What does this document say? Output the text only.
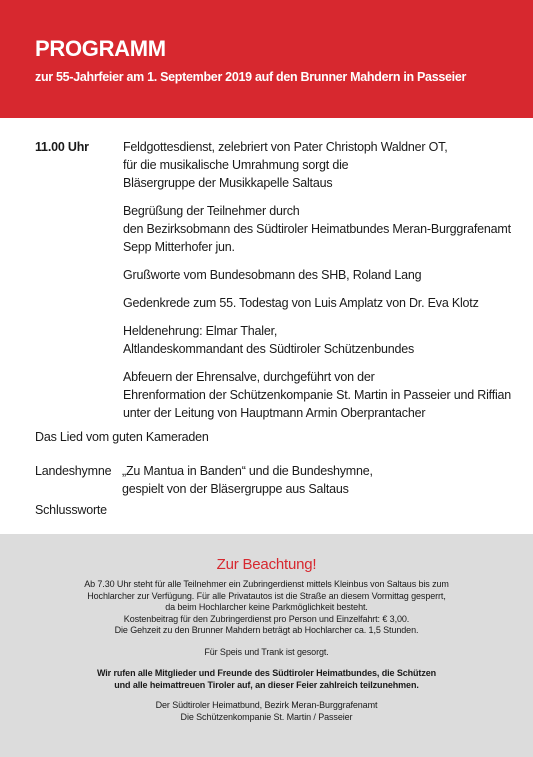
PROGRAMM
zur 55-Jahrfeier am 1. September 2019 auf den Brunner Mahdern in Passeier
11.00 Uhr	Feldgottesdienst, zelebriert von Pater Christoph Waldner OT,
für die musikalische Umrahmung sorgt die
Bläsergruppe der Musikkapelle Saltaus
Begrüßung der Teilnehmer durch
den Bezirksobmann des Südtiroler Heimatbundes Meran-Burggrafenamt
Sepp Mitterhofer jun.
Grußworte vom Bundesobmann des SHB, Roland Lang
Gedenkrede zum 55. Todestag von Luis Amplatz von Dr. Eva Klotz
Heldenehrung: Elmar Thaler,
Altlandeskommandant des Südtiroler Schützenbundes
Abfeuern der Ehrensalve, durchgeführt von der
Ehrenformation der Schützenkompanie St. Martin in Passeier und Riffian
unter der Leitung von Hauptmann Armin Oberprantacher
Das Lied vom guten Kameraden
Landeshymne „Zu Mantua in Banden“ und die Bundeshymne,
gespielt von der Bläsergruppe aus Saltaus
Schlussworte
Zur Beachtung!
Ab 7.30 Uhr steht für alle Teilnehmer ein Zubringerdienst mittels Kleinbus von Saltaus bis zum
Hochlarcher zur Verfügung. Für alle Privatautos ist die Straße an diesem Vormittag gesperrt,
da beim Hochlarcher keine Parkmöglichkeit besteht.
Kostenbeitrag für den Zubringerdienst pro Person und Einzelfahrt: € 3,00.
Die Gehzeit zu den Brunner Mahdern beträgt ab Hochlarcher ca. 1,5 Stunden.
Für Speis und Trank ist gesorgt.
Wir rufen alle Mitglieder und Freunde des Südtiroler Heimatbundes, die Schützen
und alle heimattreuen Tiroler auf, an dieser Feier zahlreich teilzunehmen.
Der Südtiroler Heimatbund, Bezirk Meran-Burggrafenamt
Die Schützenkompanie St. Martin / Passeier
